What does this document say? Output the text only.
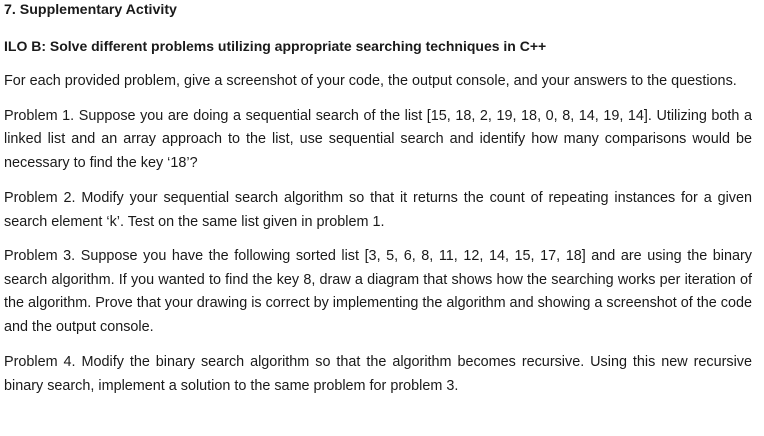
7. Supplementary Activity
ILO B: Solve different problems utilizing appropriate searching techniques in C++

For each provided problem, give a screenshot of your code, the output console, and your answers to the questions.

Problem 1. Suppose you are doing a sequential search of the list [15, 18, 2, 19, 18, 0, 8, 14, 19, 14]. Utilizing both a linked list and an array approach to the list, use sequential search and identify how many comparisons would be necessary to find the key ‘18’?

Problem 2. Modify your sequential search algorithm so that it returns the count of repeating instances for a given search element ‘k’. Test on the same list given in problem 1.

Problem 3. Suppose you have the following sorted list [3, 5, 6, 8, 11, 12, 14, 15, 17, 18] and are using the binary search algorithm. If you wanted to find the key 8, draw a diagram that shows how the searching works per iteration of the algorithm. Prove that your drawing is correct by implementing the algorithm and showing a screenshot of the code and the output console.

Problem 4. Modify the binary search algorithm so that the algorithm becomes recursive. Using this new recursive binary search, implement a solution to the same problem for problem 3.
